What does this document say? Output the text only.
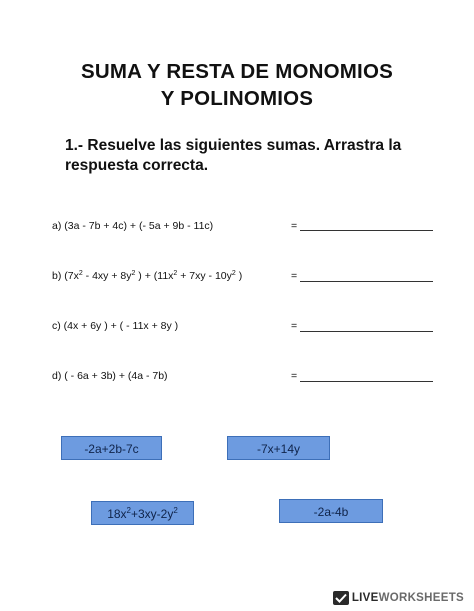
SUMA Y RESTA DE MONOMIOS
Y POLINOMIOS
1.- Resuelve las siguientes sumas. Arrastra la respuesta correcta.
a) (3a - 7b + 4c) + (- 5a + 9b - 11c)	=
b) ($7x^2 - 4xy + 8y^2$ ) + ($11x^2 + 7xy - 10y^2$ )	=
c) (4x + 6y ) + ( - 11x + 8y )	=
d) ( - 6a + 3b) + (4a - 7b)	=
-2a+2b-7c	-7x+14y
$18x^2+3xy-2y^2$	-2a-4b
LIVEWORKSHEETS
